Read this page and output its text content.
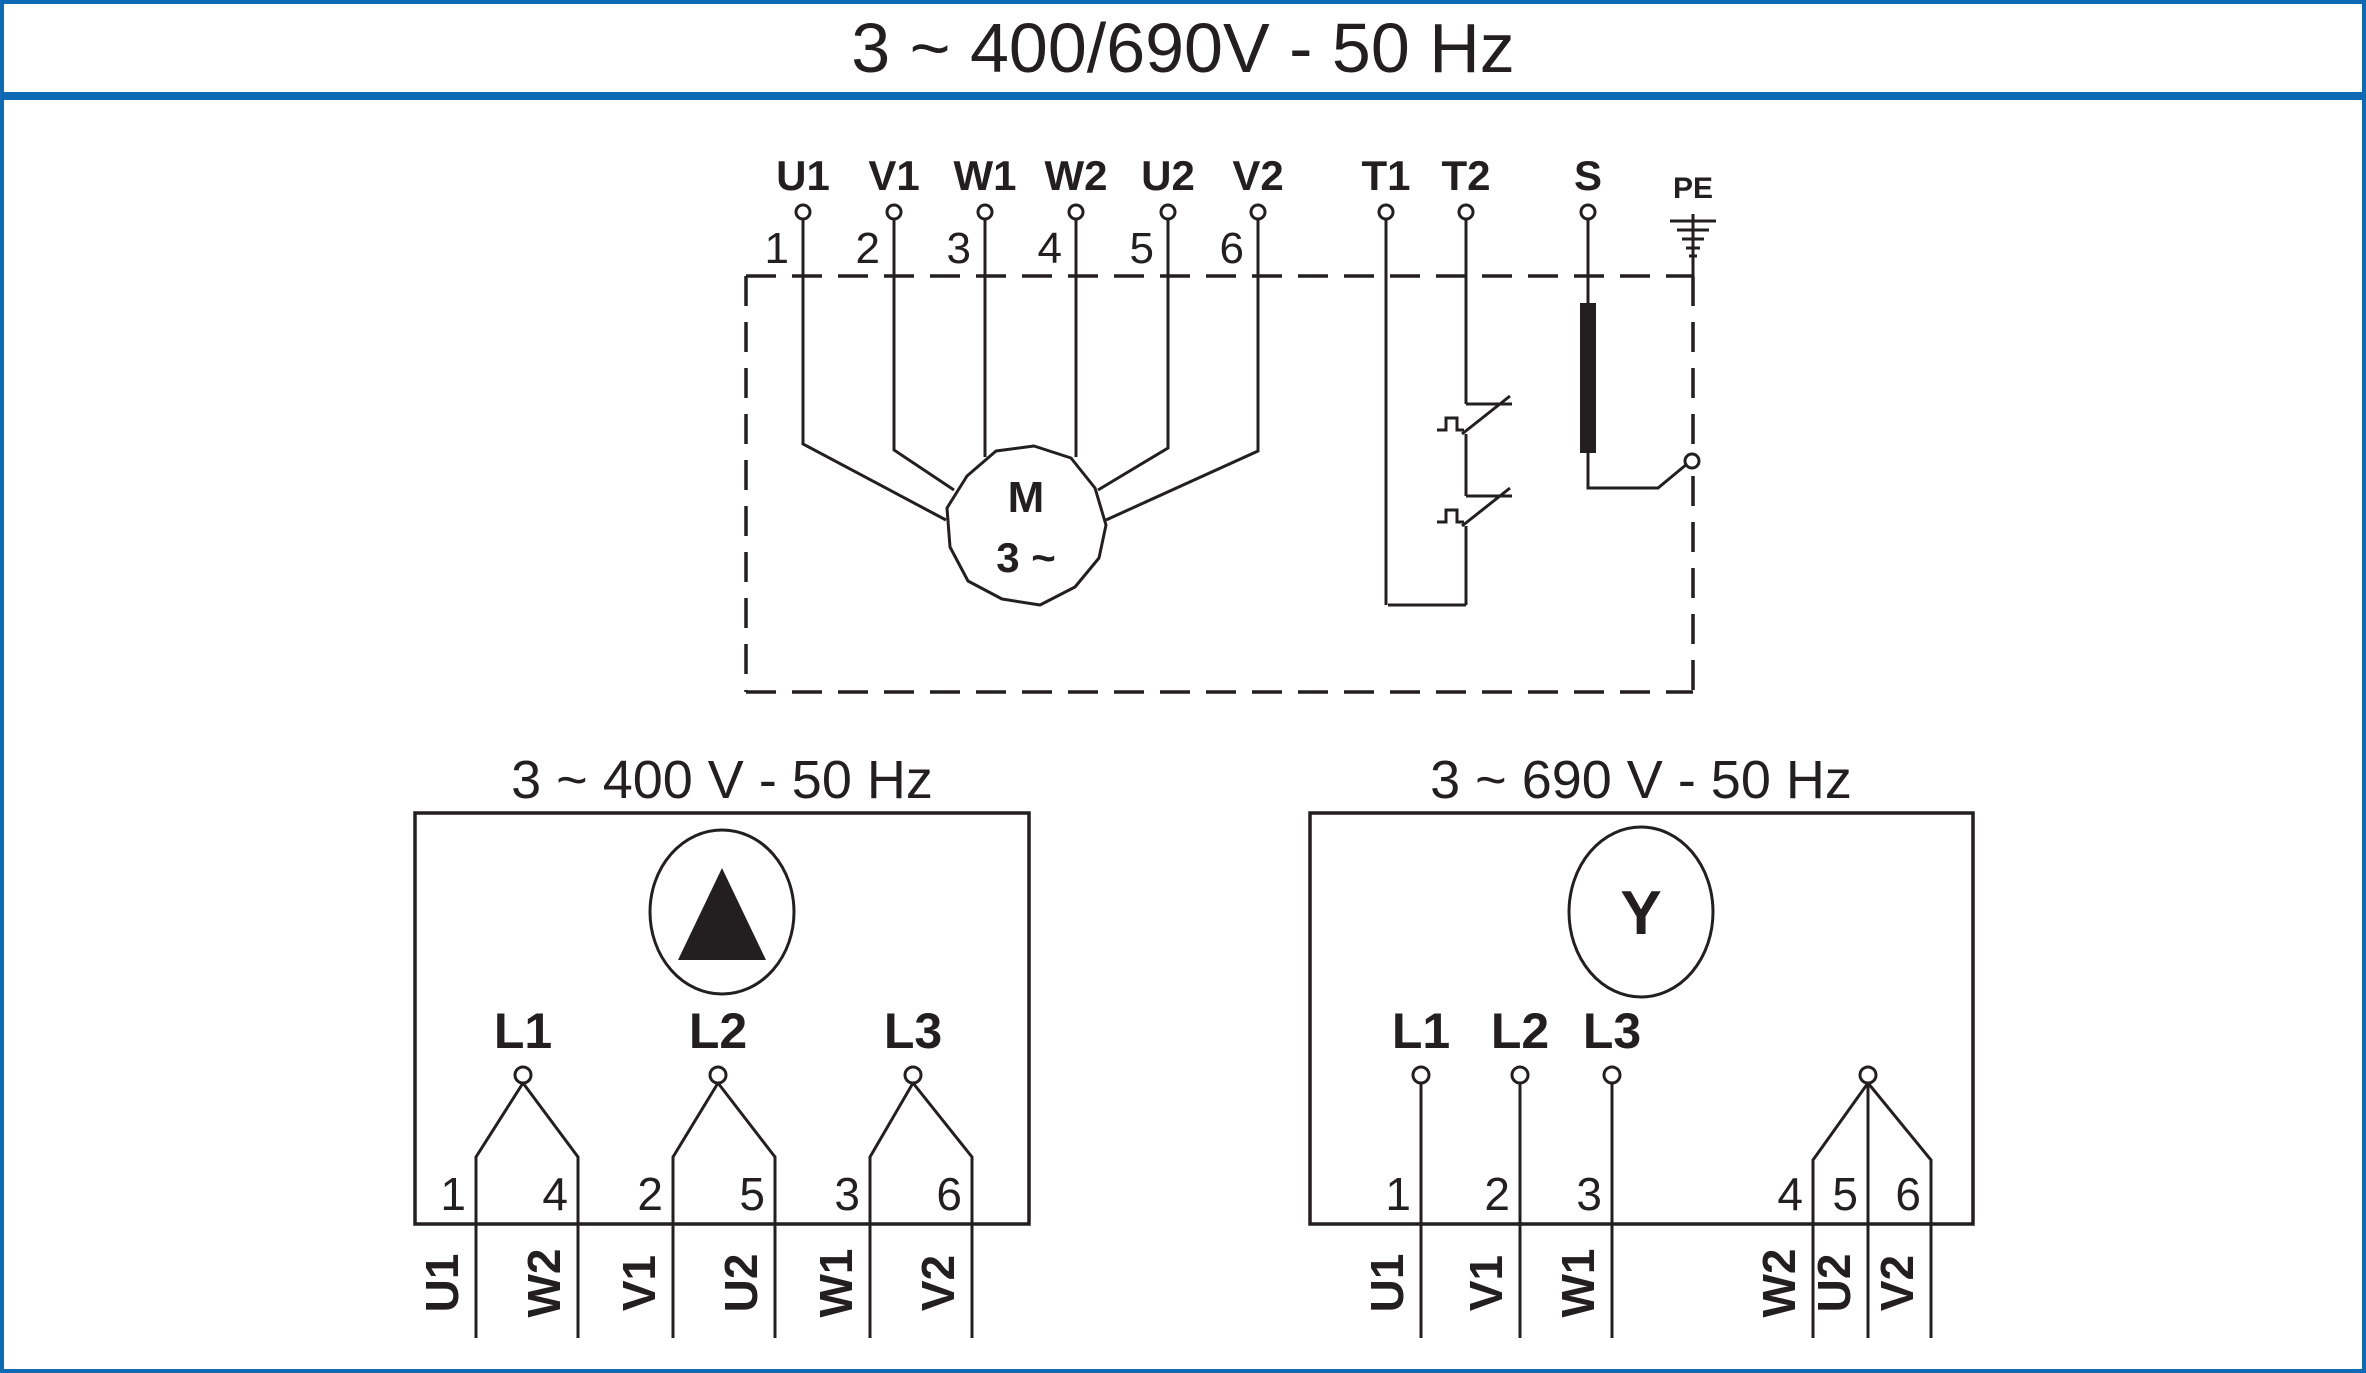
3 ~ 400/690V - 50 Hz
U1 V1 W1 W2 U2 V2 T1 T2 S PE
1 2 3 4 5 6
M
3 ~
3 ~ 400 V - 50 Hz
L1	L2	L3
1 4 2 5 3 6
U1 W2 V1 U2 W1 V2
3 ~ 690 V - 50 Hz
Y
L1 L2 L3
1 2 3	4 5 6
U1 V1 W1	W2 U2 V2
